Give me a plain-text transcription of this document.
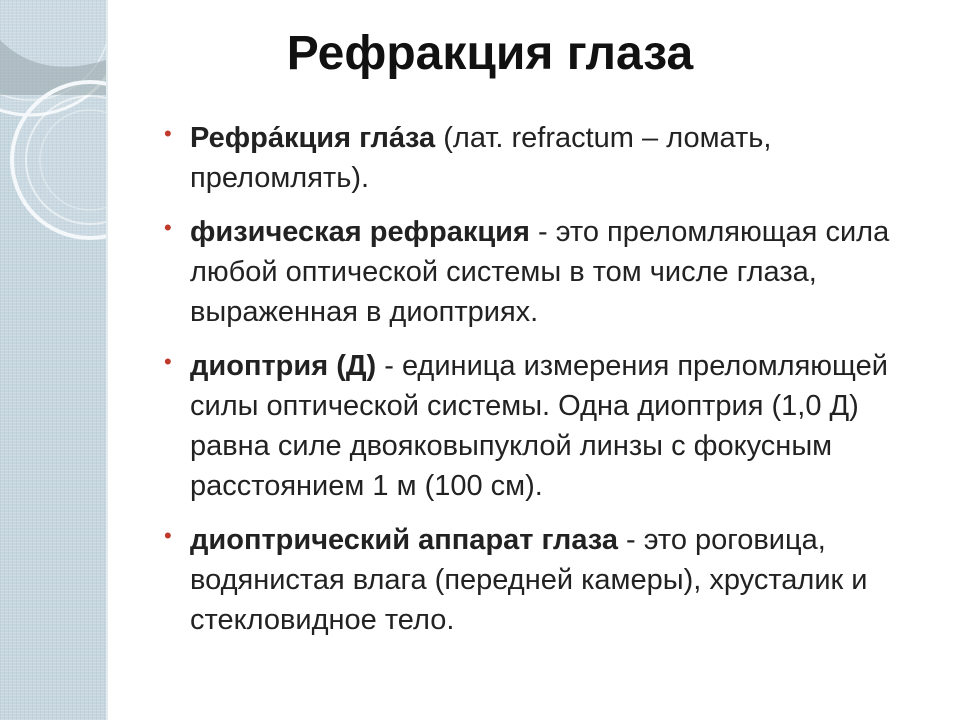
Рефракция глаза
• Рефра́кция гла́за (лат. refractum – ломать, преломлять).
• физическая рефракция - это преломляющая сила любой оптической системы в том числе глаза, выраженная в диоптриях.
• диоптрия (Д) - единица измерения преломляющей силы оптической системы. Одна диоптрия (1,0 Д) равна силе двояковыпуклой линзы с фокусным расстоянием 1 м (100 см).
• диоптрический аппарат глаза - это роговица, водянистая влага (передней камеры), хрусталик и стекловидное тело.
